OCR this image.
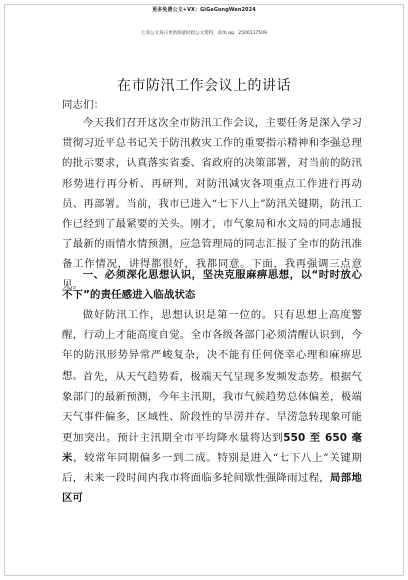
更多免费公文+VX：GiGeGongWen2024
七哥公文每日更新海量时政公文资料，添加 qq：2500117509
在市防汛工作会议上的讲话
同志们：

今天我们召开这次全市防汛工作会议，主要任务是深入学习贯彻习近平总书记关于防汛救灾工作的重要指示精神和李强总理的批示要求，认真落实省委、省政府的决策部署，对当前的防汛形势进行再分析、再研判，对防汛减灾各项重点工作进行再动员、再部署。当前，我市已进入“七下八上”防汛关键期，防汛工作已经到了最紧要的关头。刚才，市气象局和水文局的同志通报了最新的雨情水情预测，应急管理局的同志汇报了全市的防汛准备工作情况，讲得都很好，我都同意。下面，我再强调三点意见。

一、必须深化思想认识，坚决克服麻痹思想，以“时时放心不下”的责任感进入临战状态

做好防汛工作，思想认识是第一位的。只有思想上高度警醒，行动上才能高度自觉。全市各级各部门必须清醒认识到，今年的防汛形势异常严峻复杂，决不能有任何侥幸心理和麻痹思想。 首先，从天气趋势看，极端天气呈现多发频发态势。根据气象部门的最新预测，今年主汛期，我市气候趋势总体偏差，极端天气事件偏多，区域性、阶段性的旱涝并存、旱涝急转现象可能更加突出。预计主汛期全市平均降水量将达到550 至 650 毫米，较常年同期偏多一到二成。特别是进入“七下八上”关键期后，未来一段时间内我市将面临多轮间歇性强降雨过程，局部地区可
